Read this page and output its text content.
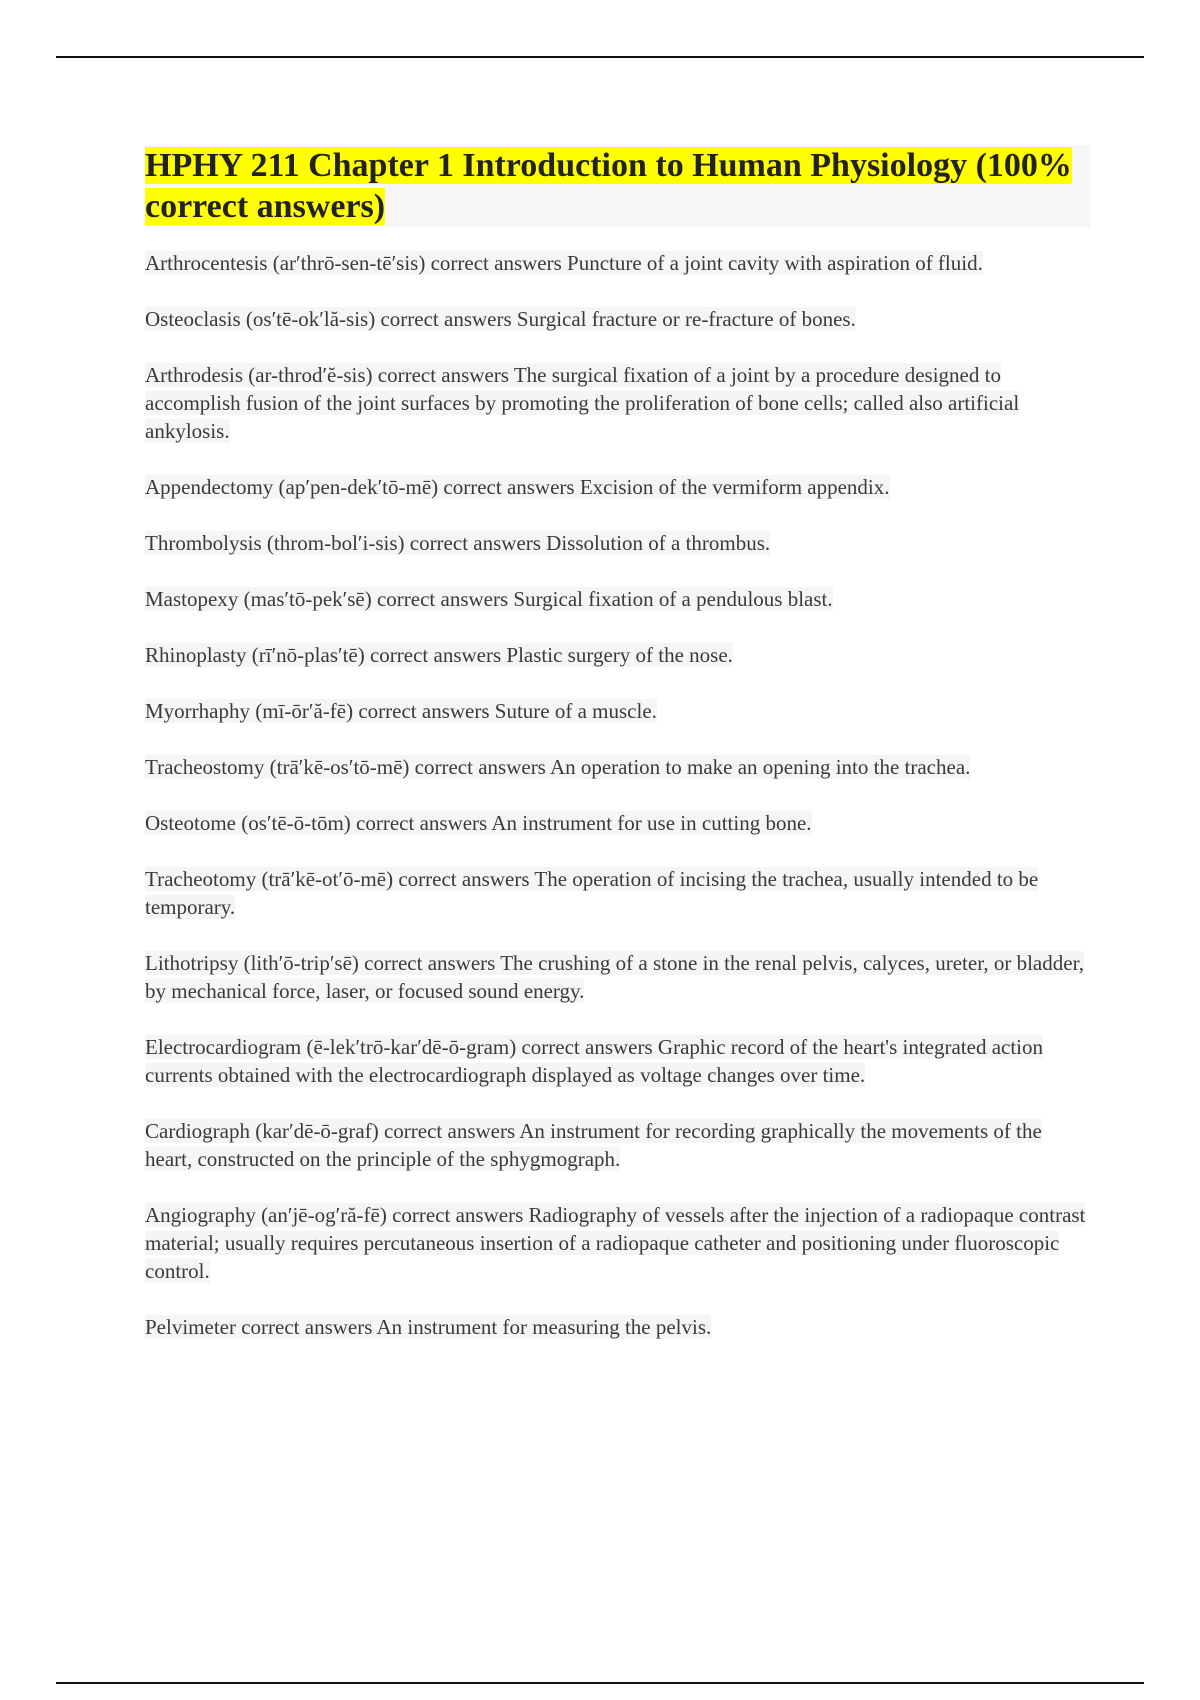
HPHY 211 Chapter 1 Introduction to Human Physiology (100% correct answers)
Arthrocentesis (ar′thrō-sen-tē′sis) correct answers Puncture of a joint cavity with aspiration of fluid.
Osteoclasis (os′tē-ok′lă-sis) correct answers Surgical fracture or re-fracture of bones.
Arthrodesis (ar-throd′ĕ-sis) correct answers The surgical fixation of a joint by a procedure designed to accomplish fusion of the joint surfaces by promoting the proliferation of bone cells; called also artificial ankylosis.
Appendectomy (ap′pen-dek′tō-mē) correct answers Excision of the vermiform appendix.
Thrombolysis (throm-bol′i-sis) correct answers Dissolution of a thrombus.
Mastopexy (mas′tō-pek′sē) correct answers Surgical fixation of a pendulous blast.
Rhinoplasty (rī′nō-plas′tē) correct answers Plastic surgery of the nose.
Myorrhaphy (mī-ōr′ă-fē) correct answers Suture of a muscle.
Tracheostomy (trā′kē-os′tō-mē) correct answers An operation to make an opening into the trachea.
Osteotome (os′tē-ō-tōm) correct answers An instrument for use in cutting bone.
Tracheotomy (trā′kē-ot′ō-mē) correct answers The operation of incising the trachea, usually intended to be temporary.
Lithotripsy (lith′ō-trip′sē) correct answers The crushing of a stone in the renal pelvis, calyces, ureter, or bladder, by mechanical force, laser, or focused sound energy.
Electrocardiogram (ē-lek′trō-kar′dē-ō-gram) correct answers Graphic record of the heart's integrated action currents obtained with the electrocardiograph displayed as voltage changes over time.
Cardiograph (kar′dē-ō-graf) correct answers An instrument for recording graphically the movements of the heart, constructed on the principle of the sphygmograph.
Angiography (an′jē-og′ră-fē) correct answers Radiography of vessels after the injection of a radiopaque contrast material; usually requires percutaneous insertion of a radiopaque catheter and positioning under fluoroscopic control.
Pelvimeter correct answers An instrument for measuring the pelvis.
